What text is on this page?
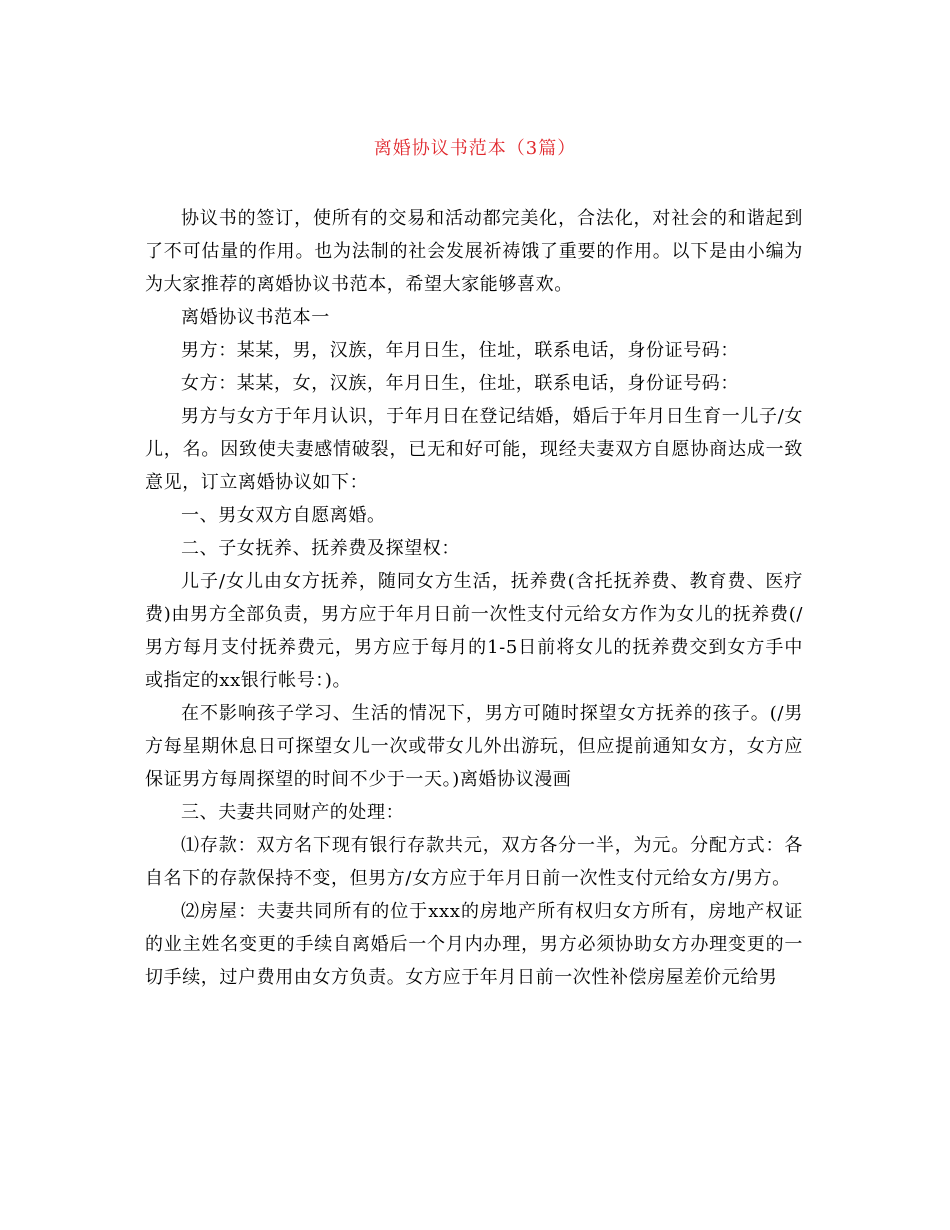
离婚协议书范本（3篇）

协议书的签订，使所有的交易和活动都完美化，合法化，对社会的和谐起到了不可估量的作用。也为法制的社会发展祈祷饿了重要的作用。以下是由小编为为大家推荐的离婚协议书范本，希望大家能够喜欢。

离婚协议书范本一

男方：某某，男，汉族，年月日生，住址，联系电话，身份证号码：

女方：某某，女，汉族，年月日生，住址，联系电话，身份证号码：

男方与女方于年月认识，于年月日在登记结婚，婚后于年月日生育一儿子/女儿，名。因致使夫妻感情破裂，已无和好可能，现经夫妻双方自愿协商达成一致意见，订立离婚协议如下：

一、男女双方自愿离婚。

二、子女抚养、抚养费及探望权：

儿子/女儿由女方抚养，随同女方生活，抚养费(含托抚养费、教育费、医疗费)由男方全部负责，男方应于年月日前一次性支付元给女方作为女儿的抚养费(/男方每月支付抚养费元，男方应于每月的1-5日前将女儿的抚养费交到女方手中或指定的xx银行帐号：)。

在不影响孩子学习、生活的情况下，男方可随时探望女方抚养的孩子。(/男方每星期休息日可探望女儿一次或带女儿外出游玩，但应提前通知女方，女方应保证男方每周探望的时间不少于一天。)离婚协议漫画

三、夫妻共同财产的处理：

⑴存款：双方名下现有银行存款共元，双方各分一半，为元。分配方式：各自名下的存款保持不变，但男方/女方应于年月日前一次性支付元给女方/男方。

⑵房屋：夫妻共同所有的位于xxx的房地产所有权归女方所有，房地产权证的业主姓名变更的手续自离婚后一个月内办理，男方必须协助女方办理变更的一切手续，过户费用由女方负责。女方应于年月日前一次性补偿房屋差价元给男
